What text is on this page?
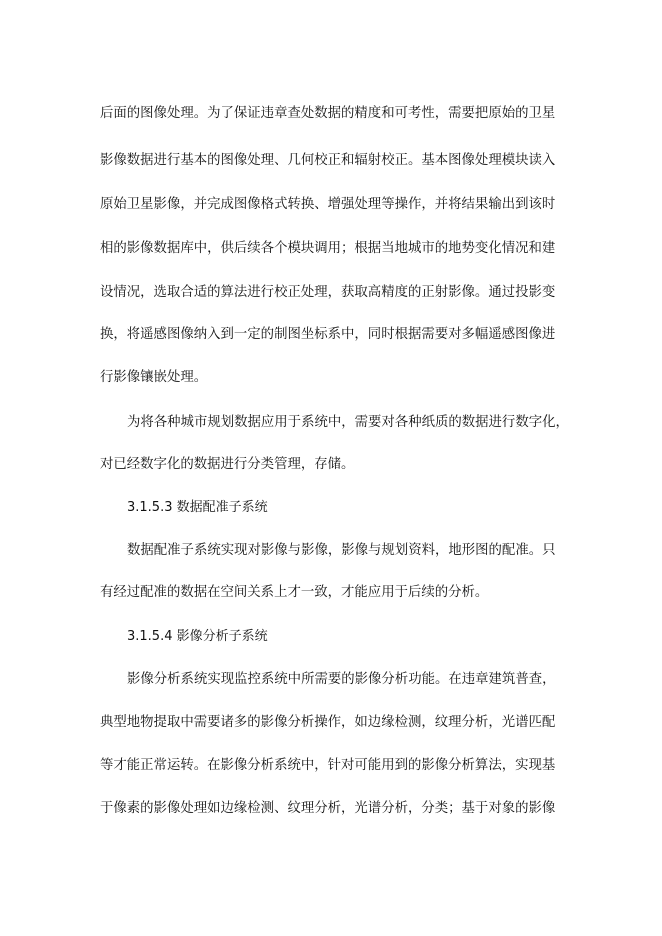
后面的图像处理。为了保证违章查处数据的精度和可考性，需要把原始的卫星
影像数据进行基本的图像处理、几何校正和辐射校正。基本图像处理模块读入
原始卫星影像，并完成图像格式转换、增强处理等操作，并将结果输出到该时
相的影像数据库中，供后续各个模块调用；根据当地城市的地势变化情况和建
设情况，选取合适的算法进行校正处理，获取高精度的正射影像。通过投影变
换，将遥感图像纳入到一定的制图坐标系中，同时根据需要对多幅遥感图像进
行影像镶嵌处理。
为将各种城市规划数据应用于系统中，需要对各种纸质的数据进行数字化，
对已经数字化的数据进行分类管理，存储。
3.1.5.3 数据配准子系统
数据配准子系统实现对影像与影像，影像与规划资料，地形图的配准。只
有经过配准的数据在空间关系上才一致，才能应用于后续的分析。
3.1.5.4 影像分析子系统
影像分析系统实现监控系统中所需要的影像分析功能。在违章建筑普查，
典型地物提取中需要诸多的影像分析操作，如边缘检测，纹理分析，光谱匹配
等才能正常运转。在影像分析系统中，针对可能用到的影像分析算法，实现基
于像素的影像处理如边缘检测、纹理分析，光谱分析，分类；基于对象的影像
